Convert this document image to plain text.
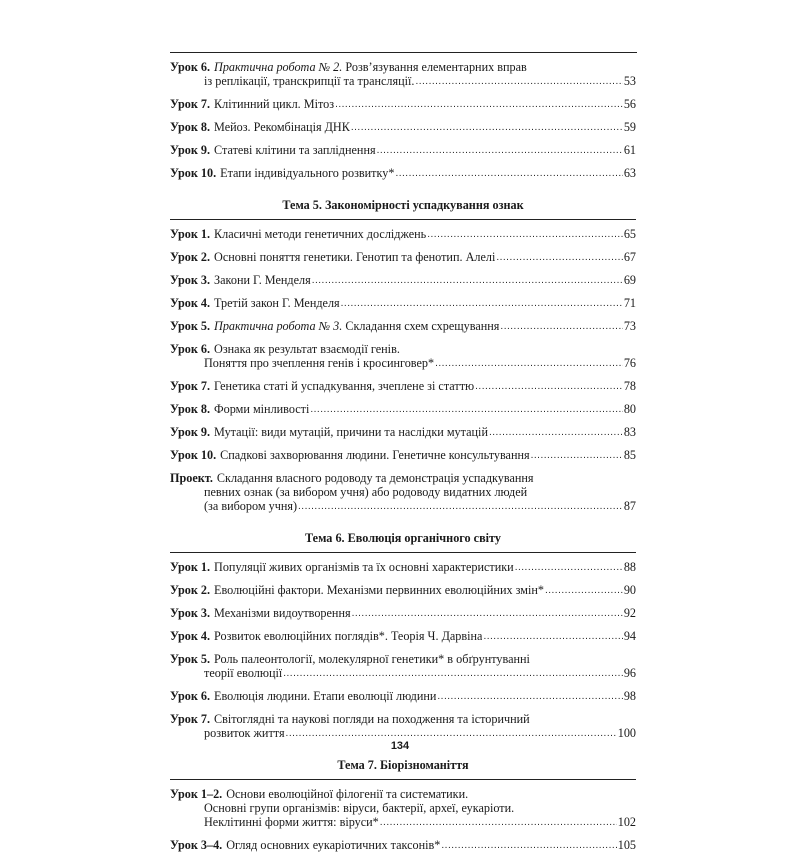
Урок 6. Практична робота № 2. Розв’язування елементарних вправ
із реплікації, транскрипції та трансляції. .....	53
Урок 7. Клітинний цикл. Мітоз .....	56
Урок 8. Мейоз. Рекомбінація ДНК .....	59
Урок 9. Статеві клітини та запліднення .....	61
Урок 10. Етапи індивідуального розвитку* .....	63
Тема 5. Закономірності успадкування ознак
Урок 1. Класичні методи генетичних досліджень .....	65
Урок 2. Основні поняття генетики. Генотип та фенотип. Алелі .....	67
Урок 3. Закони Г. Менделя .....	69
Урок 4. Третій закон Г. Менделя .....	71
Урок 5. Практична робота № 3. Складання схем схрещування .....	73
Урок 6. Ознака як результат взаємодії генів.
Поняття про зчеплення генів і кросинговер* .....	76
Урок 7. Генетика статі й успадкування, зчеплене зі статтю .....	78
Урок 8. Форми мінливості .....	80
Урок 9. Мутації: види мутацій, причини та наслідки мутацій .....	83
Урок 10. Спадкові захворювання людини. Генетичне консультування .....	85
Проект. Складання власного родоводу та демонстрація успадкування
певних ознак (за вибором учня) або родоводу видатних людей
(за вибором учня) .....	87
Тема 6. Еволюція органічного світу
Урок 1. Популяції живих організмів та їх основні характеристики .....	88
Урок 2. Еволюційні фактори. Механізми первинних еволюційних змін* .....	90
Урок 3. Механізми видоутворення .....	92
Урок 4. Розвиток еволюційних поглядів*. Теорія Ч. Дарвіна .....	94
Урок 5. Роль палеонтології, молекулярної генетики* в обґрунтуванні
теорії еволюції .....	96
Урок 6. Еволюція людини. Етапи еволюції людини .....	98
Урок 7. Світоглядні та наукові погляди на походження та історичний
розвиток життя .....	100
Тема 7. Біорізноманіття
Урок 1–2. Основи еволюційної філогенії та систематики.
Основні групи організмів: віруси, бактерії, археї, еукаріоти.
Неклітинні форми життя: віруси* .....	102
Урок 3–4. Огляд основних еукаріотичних таксонів* .....	105
134
